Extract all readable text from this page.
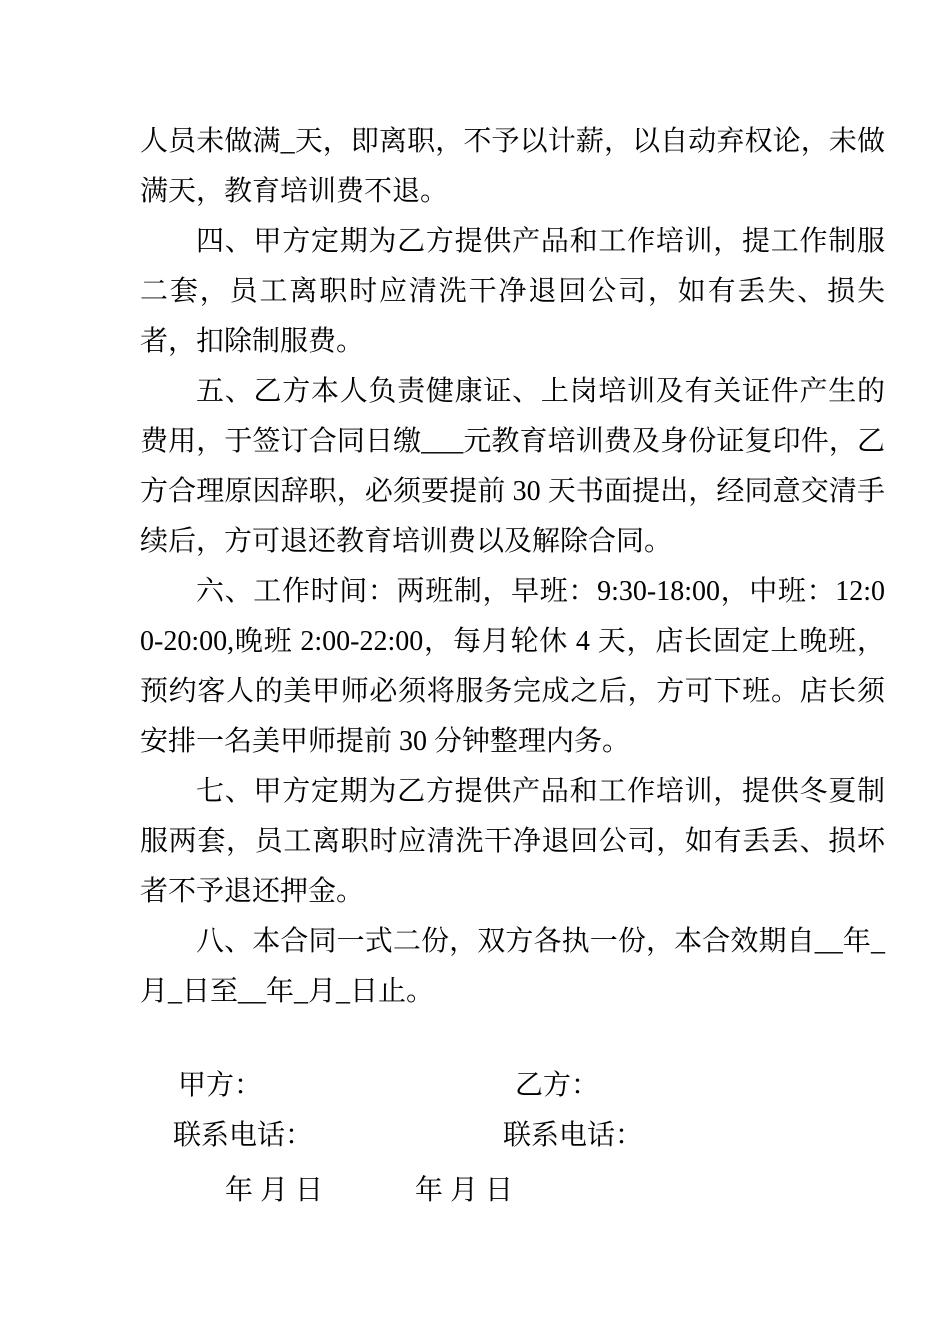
人员未做满_天，即离职，不予以计薪，以自动弃权论，未做满天，教育培训费不退。

四、甲方定期为乙方提供产品和工作培训，提工作制服二套，员工离职时应清洗干净退回公司，如有丢失、损失者，扣除制服费。

五、乙方本人负责健康证、上岗培训及有关证件产生的费用，于签订合同日缴___元教育培训费及身份证复印件，乙方合理原因辞职，必须要提前 30 天书面提出，经同意交清手续后，方可退还教育培训费以及解除合同。

六、工作时间：两班制，早班：9:30-18:00，中班：12:00-20:00,晚班 2:00-22:00，每月轮休 4 天，店长固定上晚班，预约客人的美甲师必须将服务完成之后，方可下班。店长须安排一名美甲师提前 30 分钟整理内务。

七、甲方定期为乙方提供产品和工作培训，提供冬夏制服两套，员工离职时应清洗干净退回公司，如有丢丢、损坏者不予退还押金。

八、本合同一式二份，双方各执一份，本合效期自__年_月_日至__年_月_日止。

甲方：	乙方：
联系电话：	联系电话：
年 月 日	年 月 日
